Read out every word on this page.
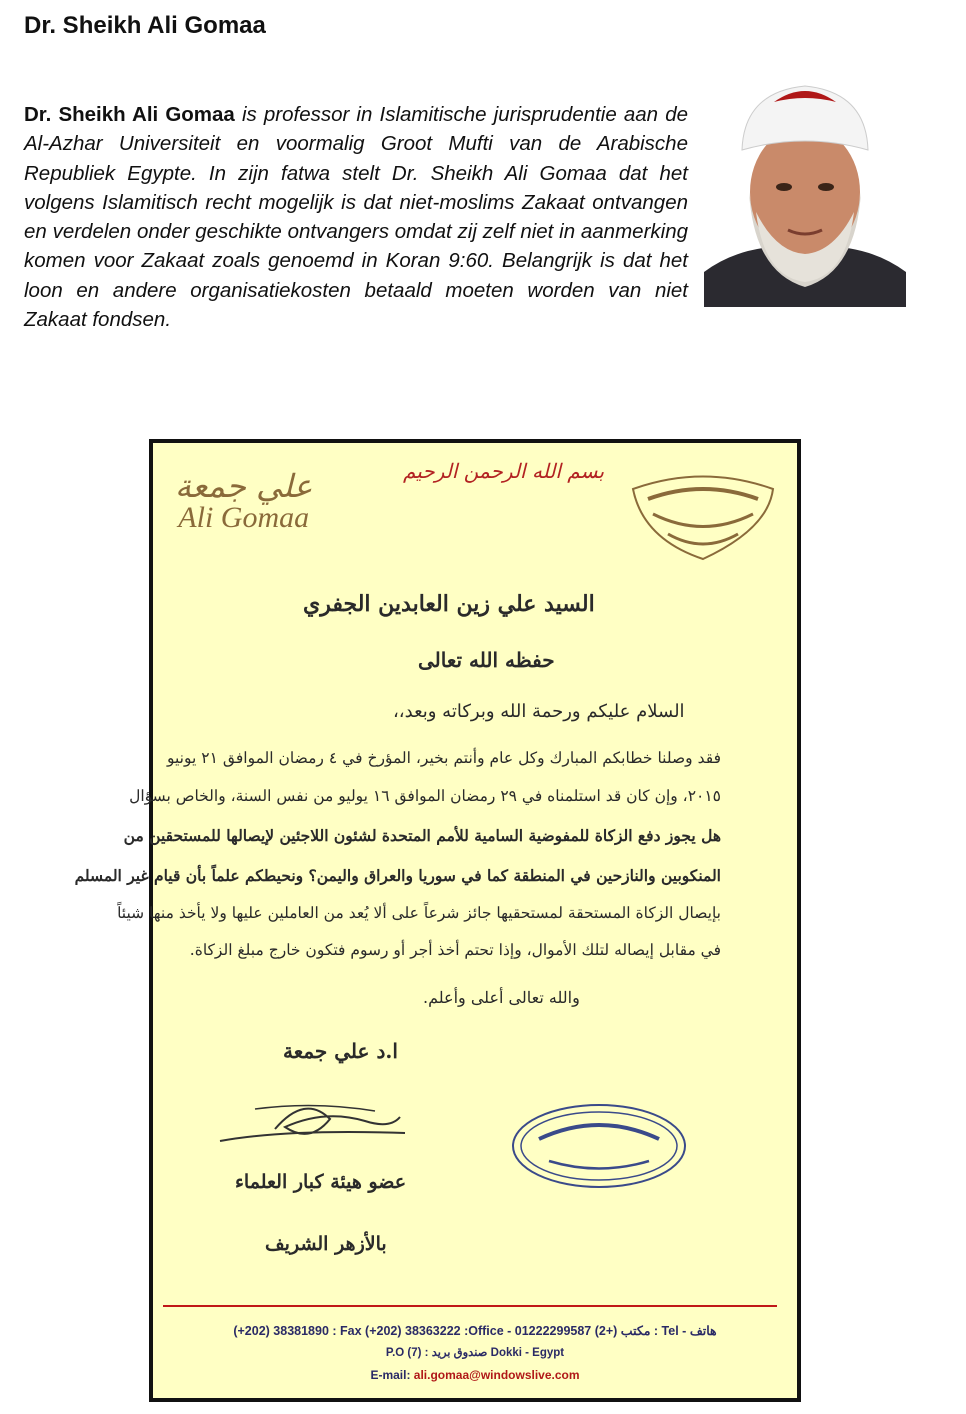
Dr. Sheikh Ali Gomaa

Dr. Sheikh Ali Gomaa is professor in Islamitische jurisprudentie aan de Al-Azhar Universiteit en voormalig Groot Mufti van de Arabische Republiek Egypte. In zijn fatwa stelt Dr. Sheikh Ali Gomaa dat het volgens Islamitisch recht mogelijk is dat niet-moslims Zakaat ontvangen en verdelen onder geschikte ontvangers omdat zij zelf niet in aanmerking komen voor Zakaat zoals genoemd in Koran 9:60. Belangrijk is dat het loon en andere organisatiekosten betaald moeten worden van niet Zakaat fondsen.

علي جمعة
Ali Gomaa
بسم الله الرحمن الرحيم
السيد علي زين العابدين الجفري
حفظه الله تعالى
السلام عليكم ورحمة الله وبركاته وبعد،،
فقد وصلنا خطابكم المبارك وكل عام وأنتم بخير، المؤرخ في ٤ رمضان الموافق ٢١ يونيو
٢٠١٥، وإن كان قد استلمناه في ٢٩ رمضان الموافق ١٦ يوليو من نفس السنة، والخاص بسؤال
هل يجوز دفع الزكاة للمفوضية السامية للأمم المتحدة لشئون اللاجئين لإيصالها للمستحقين من
المنكوبين والنازحين في المنطقة كما في سوريا والعراق واليمن؟ ونحيطكم علماً بأن قيام غير المسلم
بإيصال الزكاة المستحقة لمستحقيها جائز شرعاً على ألا يُعد من العاملين عليها ولا يأخذ منها شيئاً
في مقابل إيصاله لتلك الأموال، وإذا تحتم أخذ أجر أو رسوم فتكون خارج مبلغ الزكاة.
والله تعالى أعلى وأعلم.
ا.د علي جمعة
عضو هيئة كبار العلماء
بالأزهر الشريف
(+202) 38381890 : Fax (+202) 38363222 :Office - مكتب (+2) 01222299587 : Tel - هاتف
P.O صندوق بريد : (7) Dokki - Egypt
E-mail: ali.gomaa@windowslive.com
